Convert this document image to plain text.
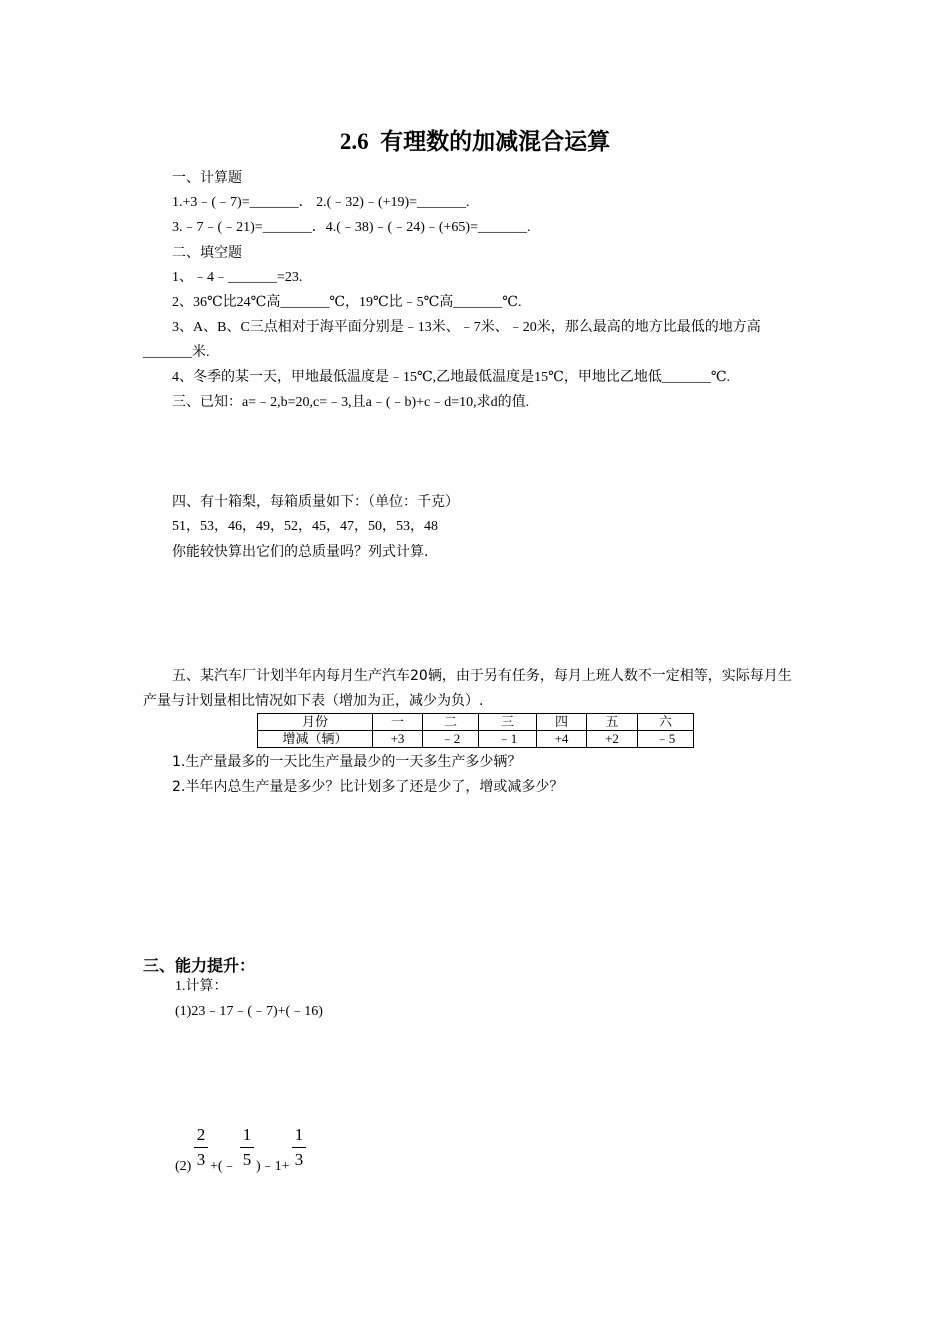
2.6 有理数的加减混合运算
一、计算题
1.+3﹣(﹣7)=_______． 2.(﹣32)﹣(+19)=_______.
3.﹣7﹣(﹣21)=_______．4.(﹣38)﹣(﹣24)﹣(+65)=_______.
二、填空题
1、﹣4﹣_______=23.
2、36℃比24℃高_______℃，19℃比﹣5℃高_______℃.
3、A、B、C三点相对于海平面分别是﹣13米、﹣7米、﹣20米，那么最高的地方比最低的地方高
_______米.
4、冬季的某一天，甲地最低温度是﹣15℃,乙地最低温度是15℃，甲地比乙地低_______℃.
三、已知：a=﹣2,b=20,c=﹣3,且a﹣(﹣b)+c﹣d=10,求d的值.
四、有十箱梨，每箱质量如下：（单位：千克）
51，53，46，49，52，45，47，50，53，48
你能较快算出它们的总质量吗？列式计算.
五、某汽车厂计划半年内每月生产汽车20辆，由于另有任务，每月上班人数不一定相等，实际每月生
产量与计划量相比情况如下表（增加为正，减少为负）.
月份	一	二	三	四	五	六
增减（辆）	+3	﹣2	﹣1	+4	+2	﹣5
1.生产量最多的一天比生产量最少的一天多生产多少辆？
2.半年内总生产量是多少？比计划多了还是少了，增或减多少？
三、能力提升：
1.计算：
(1)23﹣17﹣(﹣7)+(﹣16)
(2)
2
3 +(﹣
1
5 )﹣1+
1
3
